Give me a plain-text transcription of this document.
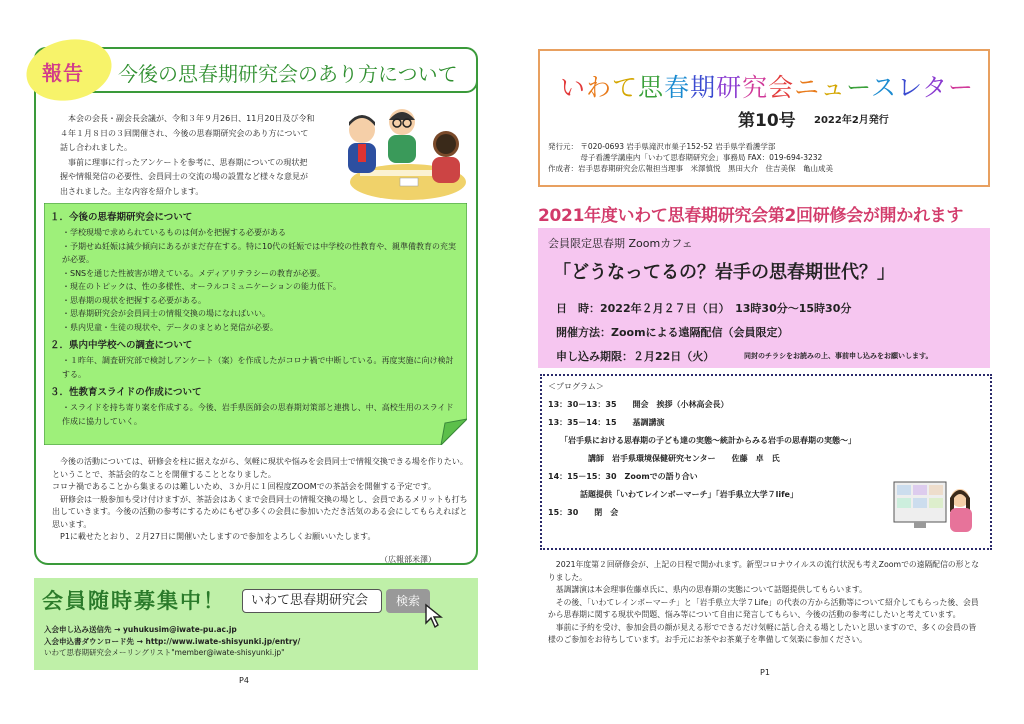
報告 今後の思春期研究会のあり方について

本会の会長・副会長会議が、令和３年９月26日、11月20日及び令和４年１月８日の３回開催され、今後の思春期研究会のあり方について話し合われました。

事前に理事に行ったアンケートを参考に、思春期についての現状把握や情報発信の必要性、会員同士の交流の場の設置など様々な意見が出されました。主な内容を紹介します。

１．今後の思春期研究会について
・学校現場で求められているものは何かを把握する必要がある
・予期せぬ妊娠は減少傾向にあるがまだ存在する。特に10代の妊娠では中学校の性教育や、親準備教育の充実が必要。
・SNSを通じた性被害が増えている。メディアリテラシーの教育が必要。
・現在のトピックは、性の多様性、オーラルコミュニケーションの能力低下。
・思春期の現状を把握する必要がある。
・思春期研究会が会員同士の情報交換の場になればいい。
・県内児童・生徒の現状や、データのまとめと発信が必要。
２．県内中学校への調査について
・１昨年、調査研究部で検討しアンケート（案）を作成したがコロナ禍で中断している。再度実施に向け検討する。
３．性教育スライドの作成について
・スライドを持ち寄り案を作成する。今後、岩手県医師会の思春期対策部と連携し、中、高校生用のスライド作成に協力していく。

今後の活動については、研修会を柱に据えながら、気軽に現状や悩みを会員同士で情報交換できる場を作りたい。ということで、茶話会的なことを開催することとなりました。

コロナ禍であることから集まるのは難しいため、３か月に１回程度ZOOMでの茶話会を開催する予定です。

研修会は一般参加も受け付けますが、茶話会はあくまで会員同士の情報交換の場とし、会員であるメリットも打ち出していきます。今後の活動の参考にするためにもぜひ多くの会員に参加いただき活気のある会にしてもらえればと思います。

P1に載せたとおり、２月27日に開催いたしますので参加をよろしくお願いいたします。

（広報部米澤）
会員随時募集中！	いわて思春期研究会	検索
入会申し込み送信先 → yuhukusim@iwate-pu.ac.jp
入会申込書ダウンロード先 → http://www.iwate-shisyunki.jp/entry/
いわて思春期研究会メーリングリスト"member@iwate-shisyunki.jp"
P4
いわて思春期研究会ニュースレター
第10号 2022年2月発行
発行元： 〒020-0693 岩手県滝沢市巣子152-52 岩手県学看護学部
　　　　 母子看護学講座内「いわて思春期研究会」事務局 FAX：019-694-3232
作成者：岩手思春期研究会広報担当理事　米澤慎悦　黒田大介　住吉美保　亀山成美
2021年度いわて思春期研究会第2回研修会が開かれます
会員限定思春期 Zoomカフェ
「どうなってるの？岩手の思春期世代？」
日　時：2022年２月２７日（日）　13時30分～15時30分
開催方法：Zoomによる遠隔配信（会員限定）
申し込み期限：２月22日（火）	同封のチラシをお読みの上、事前申し込みをお願いします。
＜プログラム＞
13：30－13：35　　開会　挨拶（小林高会長）
13：35－14：15　　基調講演
　　「岩手県における思春期の子ども達の実態～統計からみる岩手の思春期の実態～」
　　　　　講師　岩手県環境保健研究センター　　佐藤　卓　氏
14：15－15：30　Zoomでの語り合い
　　　　話題提供「いわてレインボーマーチ」「岩手県立大学７life」
15：30　　閉　会

2021年度第２回研修会が、上記の日程で開かれます。新型コロナウイルスの流行状況も考えZoomでの遠隔配信の形となりました。

基調講演は本会理事佐藤卓氏に、県内の思春期の実態について話題提供してもらいます。

その後、「いわてレインボーマーチ」と「岩手県立大学７Life」の代表の方から活動等について紹介してもらった後、会員から思春期に関する現状や問題、悩み等について自由に発言してもらい、今後の活動の参考にしたいと考えています。

事前に予約を受け、参加会員の顔が見える形でできるだけ気軽に話し合える場としたいと思いますので、多くの会員の皆様のご参加をお待ちしています。お手元にお茶やお茶菓子を準備して気楽に参加ください。

P1
